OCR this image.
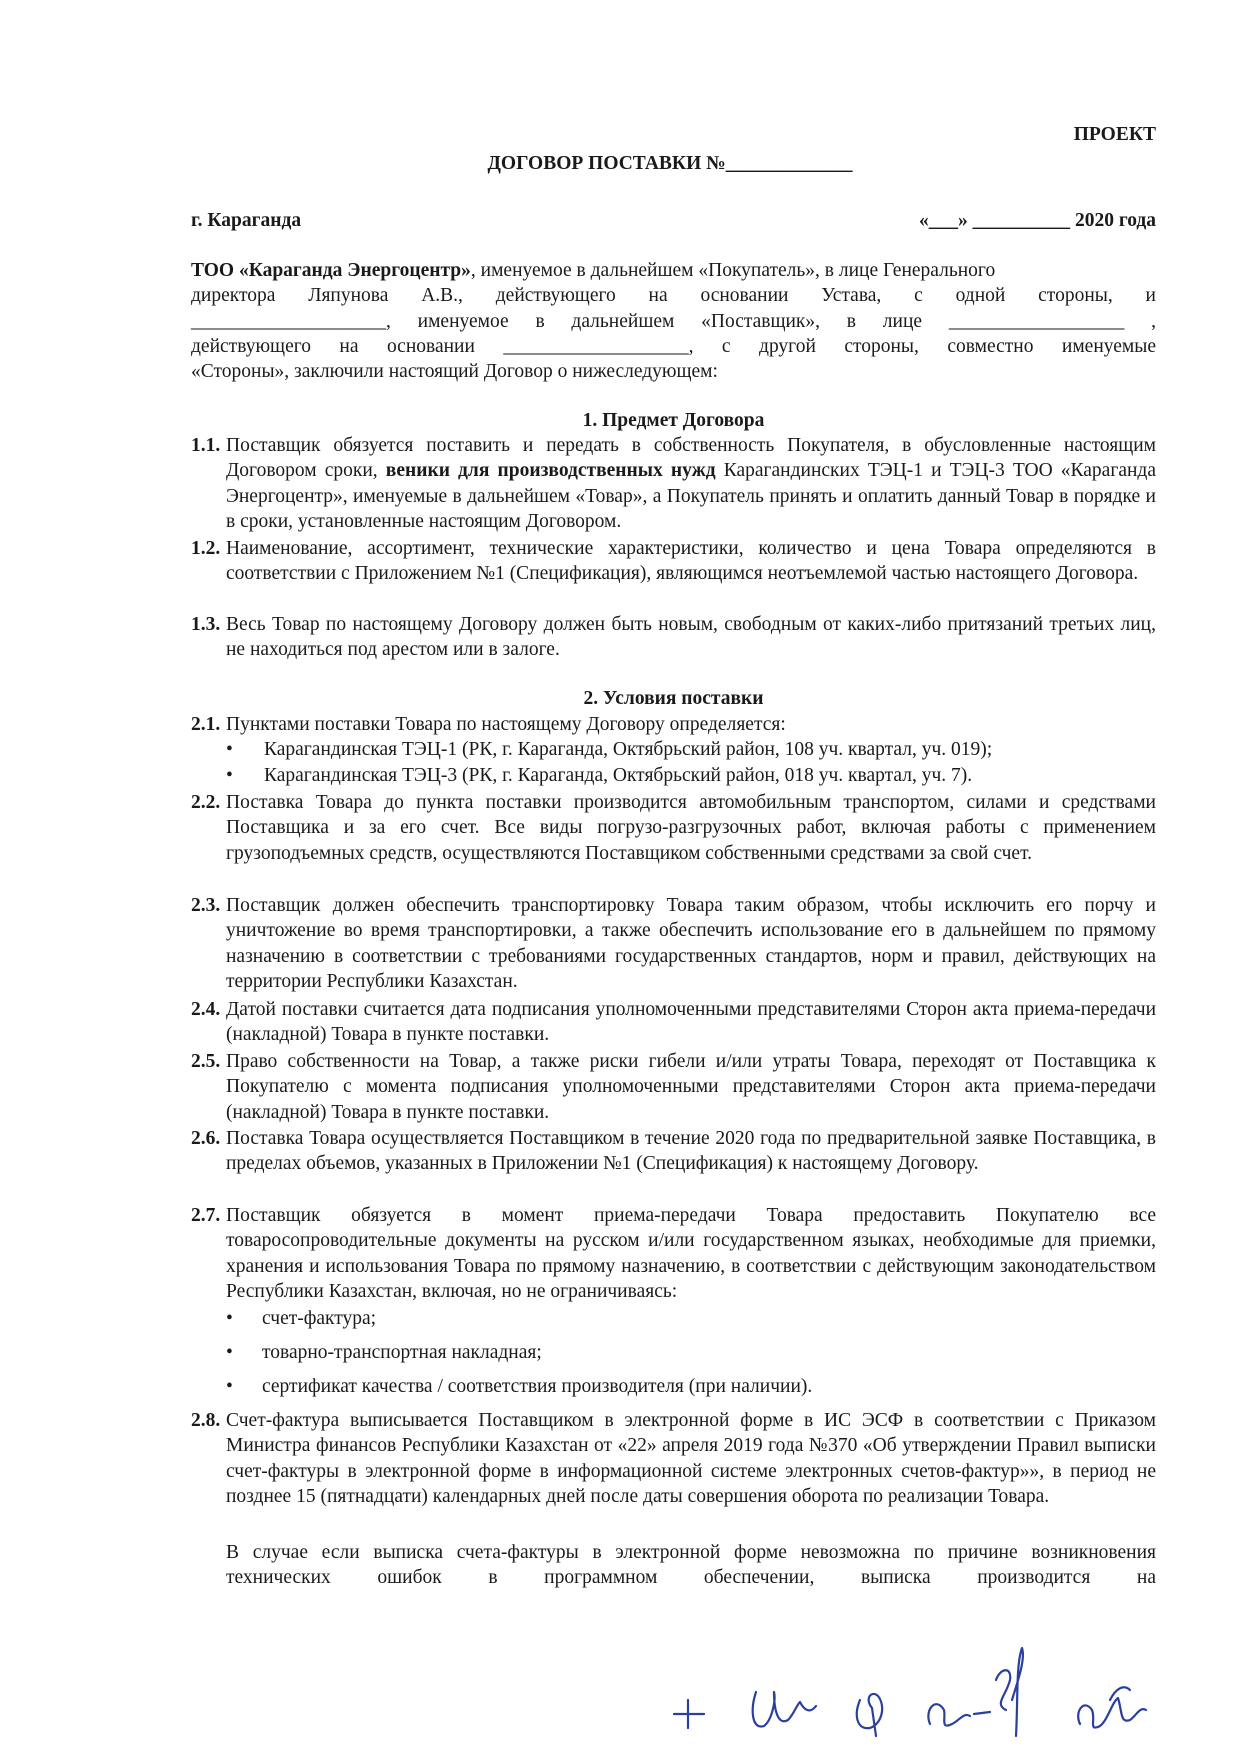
ПРОЕКТ
ДОГОВОР ПОСТАВКИ №_____________
г. Караганда	«___» __________ 2020 года
ТОО «Караганда Энергоцентр», именуемое в дальнейшем «Покупатель», в лице Генерального
директора Ляпунова А.В., действующего на основании Устава, с одной стороны, и
____________________, именуемое в дальнейшем «Поставщик», в лице __________________ ,
действующего на основании ___________________, с другой стороны, совместно именуемые
«Стороны», заключили настоящий Договор о нижеследующем:
1. Предмет Договора
1.1. Поставщик обязуется поставить и передать в собственность Покупателя, в обусловленные настоящим Договором сроки, веники для производственных нужд Карагандинских ТЭЦ-1 и ТЭЦ-3 ТОО «Караганда Энергоцентр», именуемые в дальнейшем «Товар», а Покупатель принять и оплатить данный Товар в порядке и в сроки, установленные настоящим Договором.
1.2. Наименование, ассортимент, технические характеристики, количество и цена Товара определяются в соответствии с Приложением №1 (Спецификация), являющимся неотъемлемой частью настоящего Договора.
1.3. Весь Товар по настоящему Договору должен быть новым, свободным от каких-либо притязаний третьих лиц, не находиться под арестом или в залоге.
2. Условия поставки
2.1. Пунктами поставки Товара по настоящему Договору определяется:
• Карагандинская ТЭЦ-1 (РК, г. Караганда, Октябрьский район, 108 уч. квартал, уч. 019);
• Карагандинская ТЭЦ-3 (РК, г. Караганда, Октябрьский район, 018 уч. квартал, уч. 7).
2.2. Поставка Товара до пункта поставки производится автомобильным транспортом, силами и средствами Поставщика и за его счет. Все виды погрузо-разгрузочных работ, включая работы с применением грузоподъемных средств, осуществляются Поставщиком собственными средствами за свой счет.
2.3. Поставщик должен обеспечить транспортировку Товара таким образом, чтобы исключить его порчу и уничтожение во время транспортировки, а также обеспечить использование его в дальнейшем по прямому назначению в соответствии с требованиями государственных стандартов, норм и правил, действующих на территории Республики Казахстан.
2.4. Датой поставки считается дата подписания уполномоченными представителями Сторон акта приема-передачи (накладной) Товара в пункте поставки.
2.5. Право собственности на Товар, а также риски гибели и/или утраты Товара, переходят от Поставщика к Покупателю с момента подписания уполномоченными представителями Сторон акта приема-передачи (накладной) Товара в пункте поставки.
2.6. Поставка Товара осуществляется Поставщиком в течение 2020 года по предварительной заявке Поставщика, в пределах объемов, указанных в Приложении №1 (Спецификация) к настоящему Договору.
2.7. Поставщик обязуется в момент приема-передачи Товара предоставить Покупателю все товаросопроводительные документы на русском и/или государственном языках, необходимые для приемки, хранения и использования Товара по прямому назначению, в соответствии с действующим законодательством Республики Казахстан, включая, но не ограничиваясь:
• счет-фактура;
• товарно-транспортная накладная;
• сертификат качества / соответствия производителя (при наличии).
2.8. Счет-фактура выписывается Поставщиком в электронной форме в ИС ЭСФ в соответствии с Приказом Министра финансов Республики Казахстан от «22» апреля 2019 года №370 «Об утверждении Правил выписки счет-фактуры в электронной форме в информационной системе электронных счетов-фактур»», в период не позднее 15 (пятнадцати) календарных дней после даты совершения оборота по реализации Товара.
В случае если выписка счета-фактуры в электронной форме невозможна по причине возникновения технических ошибок в программном обеспечении, выписка производится на
